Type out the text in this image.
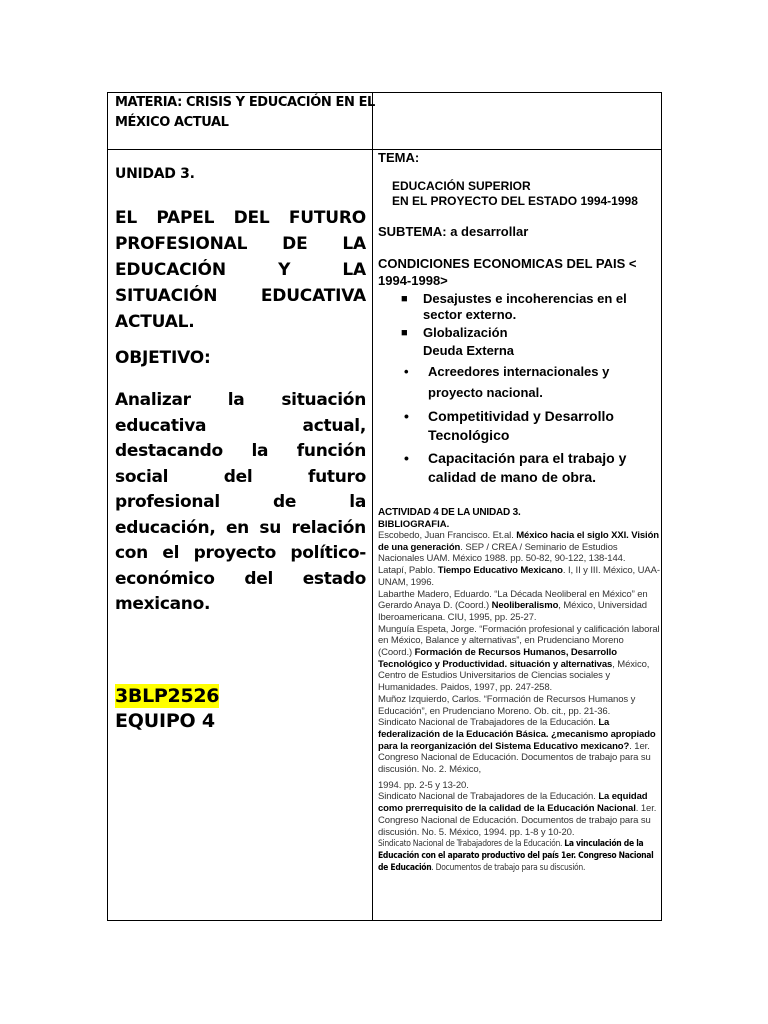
MATERIA: CRISIS Y EDUCACIÓN EN EL MÉXICO ACTUAL
UNIDAD 3.
EL PAPEL DEL FUTURO PROFESIONAL DE LA EDUCACIÓN Y LA SITUACIÓN EDUCATIVA ACTUAL.
OBJETIVO:
Analizar la situación educativa actual, destacando la función social del futuro profesional de la educación, en su relación con el proyecto político-económico del estado mexicano.
3BLP2526
EQUIPO 4
TEMA:
EDUCACIÓN SUPERIOR
EN EL PROYECTO DEL ESTADO 1994-1998
SUBTEMA: a desarrollar
CONDICIONES ECONOMICAS DEL PAIS < 1994-1998>
■ Desajustes e incoherencias en el sector externo.
■ Globalización
Deuda Externa
• Acreedores internacionales y proyecto nacional.
• Competitividad y Desarrollo Tecnológico
• Capacitación para el trabajo y calidad de mano de obra.
ACTIVIDAD 4 DE LA UNIDAD 3.
BIBLIOGRAFIA.

Escobedo, Juan Francisco. Et.al. México hacia el siglo XXI. Visión de una generación. SEP / CREA / Seminario de Estudios Nacionales UAM. México 1988. pp. 50-82, 90-122, 138-144.

Latapí, Pablo. Tiempo Educativo Mexicano. I, II y III. México, UAA-UNAM, 1996.

Labarthe Madero, Eduardo. “La Década Neoliberal en México” en Gerardo Anaya D. (Coord.) Neoliberalismo, México, Universidad Iberoamericana. CIU, 1995, pp. 25-27.

Munguía Espeta, Jorge. “Formación profesional y calificación laboral en México, Balance y alternativas”, en Prudenciano Moreno (Coord.) Formación de Recursos Humanos, Desarrollo Tecnológico y Productividad. situación y alternativas, México, Centro de Estudios Universitarios de Ciencias sociales y Humanidades. Paidos, 1997, pp. 247-258.

Muñoz Izquierdo, Carlos. “Formación de Recursos Humanos y Educación”, en Prudenciano Moreno. Ob. cit., pp. 21-36.

Sindicato Nacional de Trabajadores de la Educación. La federalización de la Educación Básica. ¿mecanismo apropiado para la reorganización del Sistema Educativo mexicano?. 1er. Congreso Nacional de Educación. Documentos de trabajo para su discusión. No. 2. México,

1994. pp. 2-5 y 13-20.

Sindicato Nacional de Trabajadores de la Educación. La equidad como prerrequisito de la calidad de la Educación Nacional. 1er. Congreso Nacional de Educación. Documentos de trabajo para su discusión. No. 5. México, 1994. pp. 1-8 y 10-20.

Sindicato Nacional de Trabajadores de la Educación. La vinculación de la Educación con el aparato productivo del país 1er. Congreso Nacional de Educación. Documentos de trabajo para su discusión.
